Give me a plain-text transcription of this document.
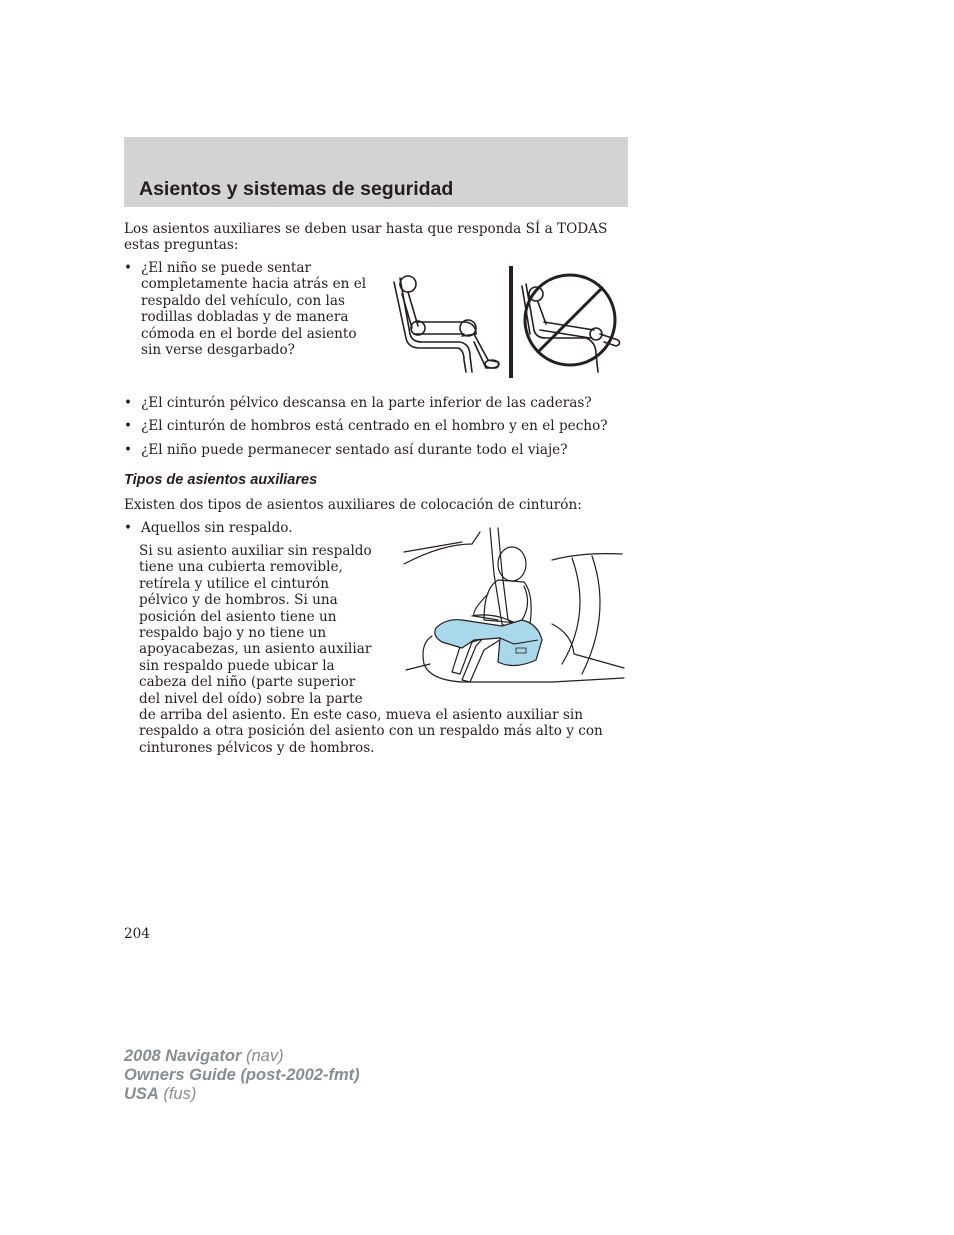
Asientos y sistemas de seguridad

Los asientos auxiliares se deben usar hasta que responda SÍ a TODAS

estas preguntas:

• ¿El niño se puede sentar
completamente hacia atrás en el
respaldo del vehículo, con las
rodillas dobladas y de manera
cómoda en el borde del asiento
sin verse desgarbado?
• ¿El cinturón pélvico descansa en la parte inferior de las caderas?
• ¿El cinturón de hombros está centrado en el hombro y en el pecho?
• ¿El niño puede permanecer sentado así durante todo el viaje?
Tipos de asientos auxiliares

Existen dos tipos de asientos auxiliares de colocación de cinturón:

• Aquellos sin respaldo.

Si su asiento auxiliar sin respaldo

tiene una cubierta removible,

retírela y utilice el cinturón

pélvico y de hombros. Si una

posición del asiento tiene un

respaldo bajo y no tiene un

apoyacabezas, un asiento auxiliar

sin respaldo puede ubicar la

cabeza del niño (parte superior

del nivel del oído) sobre la parte

de arriba del asiento. En este caso, mueva el asiento auxiliar sin

respaldo a otra posición del asiento con un respaldo más alto y con

cinturones pélvicos y de hombros.

204
2008 Navigator (nav)
Owners Guide (post-2002-fmt)
USA (fus)
